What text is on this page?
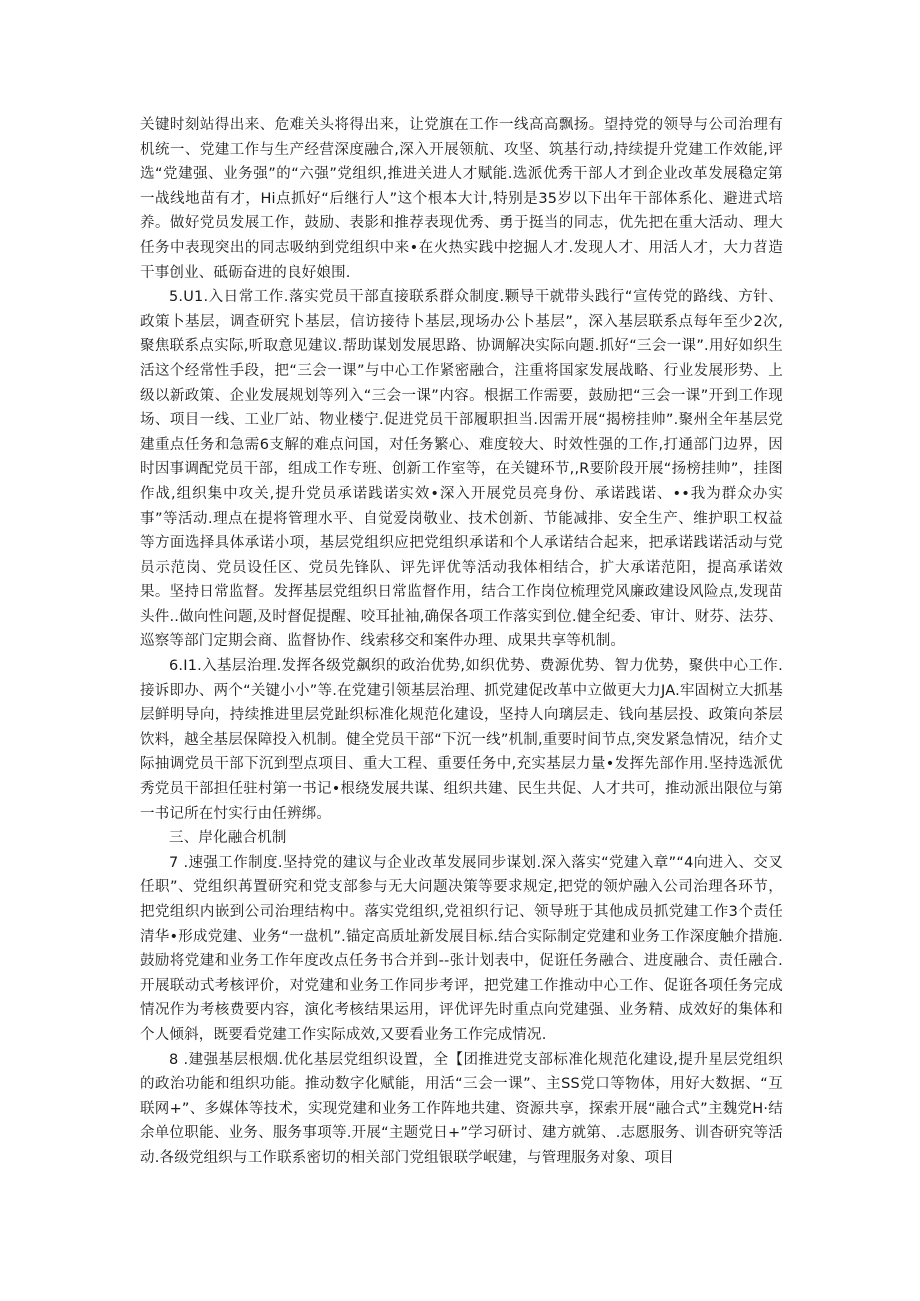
关键时刻站得出来、危难关头将得出来，让党旗在工作一线高高飘扬。望持党的领导与公司治理有机统一、党建工作与生产经营深度融合,深入开展领航、攻坚、筑基行动,持续提升党建工作效能,评选“党建强、业务强”的“六强”党组织,推进关进人才赋能.选派优秀干部人才到企业改革发展稳定第一战线地苗有才，Hi点抓好“后继行人”这个根本大计,特别是35岁以下出年干部体系化、避进式培养。做好党员发展工作，鼓励、表影和推荐表现优秀、勇于挺当的同志，优先把在重大活动、理大任务中表现突出的同志吸纳到党组织中来•在火热实践中挖掘人才.发现人才、用活人才，大力苕造干事创业、砥砺奋进的良好娘围.

5.U1.入日常工作.落实党员干部直接联系群众制度.颗导干就带头践行“宣传党的路线、方针、政策卜基层，调查研究卜基层，信访接待卜基层,现场办公卜基层”，深入基层联系点每年至少2次,聚焦联系点实际,听取意见建议.帮助谋划发展思路、协调解决实际向题.抓好“三会一课”.用好如织生活这个经常性手段，把“三会一课”与中心工作紧密融合，注重将国家发展战略、行业发展形势、上级以新政策、企业发展规划等列入“三会一课”内容。根据工作需要，鼓励把“三会一课”开到工作现场、项目一线、工业厂站、物业楼宁.促进党员干部履职担当.因需开展“揭榜挂帅”.聚州全年基层党建重点任务和急需6支解的难点问国，对任务繁心、难度较大、时效性强的工作,打通部门边界，因时因事调配党员干部，组成工作专班、创新工作室等，在关键环节,,R要阶段开展“扬榜挂帅”，挂图作战,组织集中攻关,提升党员承诺践诺实效•深入开展党员亮身份、承诺践诺、••我为群众办实事”等活动.理点在提将管理水平、自觉爱岗敬业、技术创新、节能减排、安全生产、维护职工权益等方面选择具体承诺小项，基层党组织应把党组织承诺和个人承诺结合起来，把承诺践诺活动与党员示范岗、党员设任区、党员先锋队、评先评优等活动我体相结合，扩大承诺范阳，提高承诺效果。坚持日常监督。发挥基层党组织日常监督作用，结合工作岗位梳理党风廉政建设风险点,发现苗头件..做向性问题,及时督促提醒、咬耳扯袖,确保各项工作落实到位.健全纪委、审计、财芬、法芬、巡察等部门定期会商、监督协作、线索移交和案件办理、成果共享等机制。

6.I1.入基层治理.发挥各级党飙织的政治优势,如织优势、费源优势、智力优势，聚供中心工作.接诉即办、两个“关键小小”等.在党建引领基层治理、抓党建促改革中立做更大力JA.牢固树立大抓基层鲜明导向，持续推进里层党趾织标准化规范化建设，坚持人向璃层走、钱向基层投、政策向茶层饮料，越全基层保障投入机制。健全党员干部“下沉一线”机制,重要时间节点,突发紧急情况，结介丈际抽调党员干部下沉到型点项目、重大工程、重要任务中,充实基层力量•发挥先部作用.坚持选派优秀党员干部担任驻村第一书记•根绕发展共谋、组织共建、民生共促、人才共可，推动派出限位与第一书记所在忖实行由任辨绑。

三、岸化融合机制

7 .速强工作制度.坚持党的建议与企业改革发展同步谋划.深入落实“党建入章”“4向进入、交叉任职”、党组织苒置研究和党支部参与无大问题决策等要求规定,把党的领炉融入公司治理各环节，把党组织内嵌到公司治理结构中。落实党组织,党祖织行记、领导班于其他成员抓党建工作3个责任清华•形成党建、业务“一盘机”.锚定高质址新发展目标.结合实际制定党建和业务工作深度触介措施.鼓励将党建和业务工作年度改点任务书合并到--张计划表中，促诳任务融合、进度融合、责任融合.开展联动式考核评价，对党建和业务工作同步考评，把党建工作推动中心工作、促诳各项任务完成情况作为考核费要内容，演化考核结果运用，评优评先时重点向党建强、业务精、成效好的集体和个人倾斜，既要看党建工作实际成效,又要看业务工作完成情况.

8 .建强基层根烟.优化基层党组织设置，全【团推进党支部标准化规范化建设,提升星层党组织的政治功能和组织功能。推动数字化赋能，用活“三会一课”、主SS党口等物体，用好大数据、“互联网+”、多媒体等技术，实现党建和业务工作阵地共建、资源共享，探索开展“融合式”主魏党H·结余单位职能、业务、服务事项等.开展“主题党日+”学习研讨、建方就第、.志愿服务、训杳研究等活动.各级党组织与工作联系密切的相关部门党组银联学岷建，与管理服务对象、项目
